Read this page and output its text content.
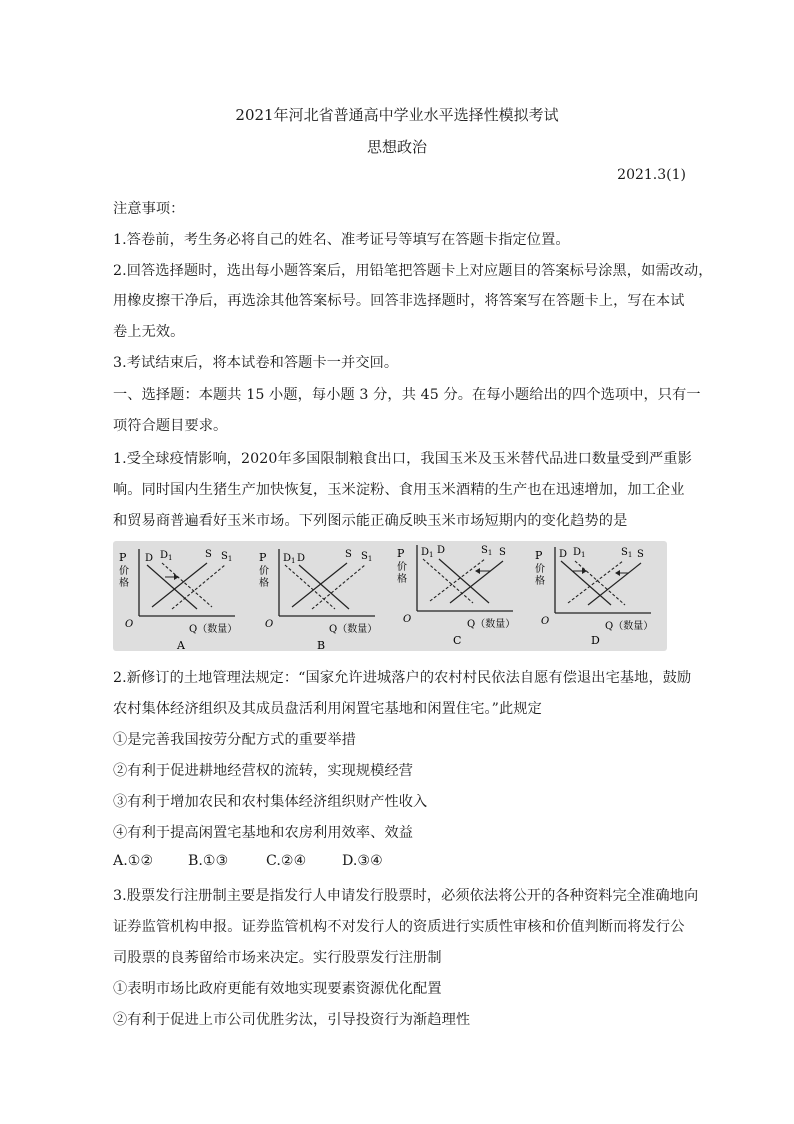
2021年河北省普通高中学业水平选择性模拟考试
思想政治
2021.3(1)
注意事项：
1.答卷前，考生务必将自己的姓名、准考证号等填写在答题卡指定位置。
2.回答选择题时，选出每小题答案后，用铅笔把答题卡上对应题目的答案标号涂黑，如需改动，
用橡皮擦干净后，再选涂其他答案标号。回答非选择题时，将答案写在答题卡上，写在本试
卷上无效。
3.考试结束后，将本试卷和答题卡一并交回。
一、选择题：本题共 15 小题，每小题 3 分，共 45 分。在每小题给出的四个选项中，只有一
项符合题目要求。
1.受全球疫情影响，2020年多国限制粮食出口，我国玉米及玉米替代品进口数量受到严重影
响。同时国内生猪生产加快恢复，玉米淀粉、食用玉米酒精的生产也在迅速增加，加工企业
和贸易商普遍看好玉米市场。下列图示能正确反映玉米市场短期内的变化趋势的是
P
价
格
O	Q（数量）
D $D_1$	S $S_1$
A
P
价
格
O	Q（数量）
$D_1$ D	S $S_1$
B
P
价
格
O	Q（数量）
$D_1$ D	$S_1$ S
C
P
价
格
O	Q（数量）
D $D_1$	$S_1$ S
D
2.新修订的土地管理法规定：“国家允许进城落户的农村村民依法自愿有偿退出宅基地，鼓励
农村集体经济组织及其成员盘活利用闲置宅基地和闲置住宅。”此规定
①是完善我国按劳分配方式的重要举措
②有利于促进耕地经营权的流转，实现规模经营
③有利于增加农民和农村集体经济组织财产性收入
④有利于提高闲置宅基地和农房利用效率、效益
A.①② B.①③	C.②④	D.③④
3.股票发行注册制主要是指发行人申请发行股票时，必须依法将公开的各种资料完全准确地向
证券监管机构申报。证券监管机构不对发行人的资质进行实质性审核和价值判断而将发行公
司股票的良莠留给市场来决定。实行股票发行注册制
①表明市场比政府更能有效地实现要素资源优化配置
②有利于促进上市公司优胜劣汰，引导投资行为渐趋理性
